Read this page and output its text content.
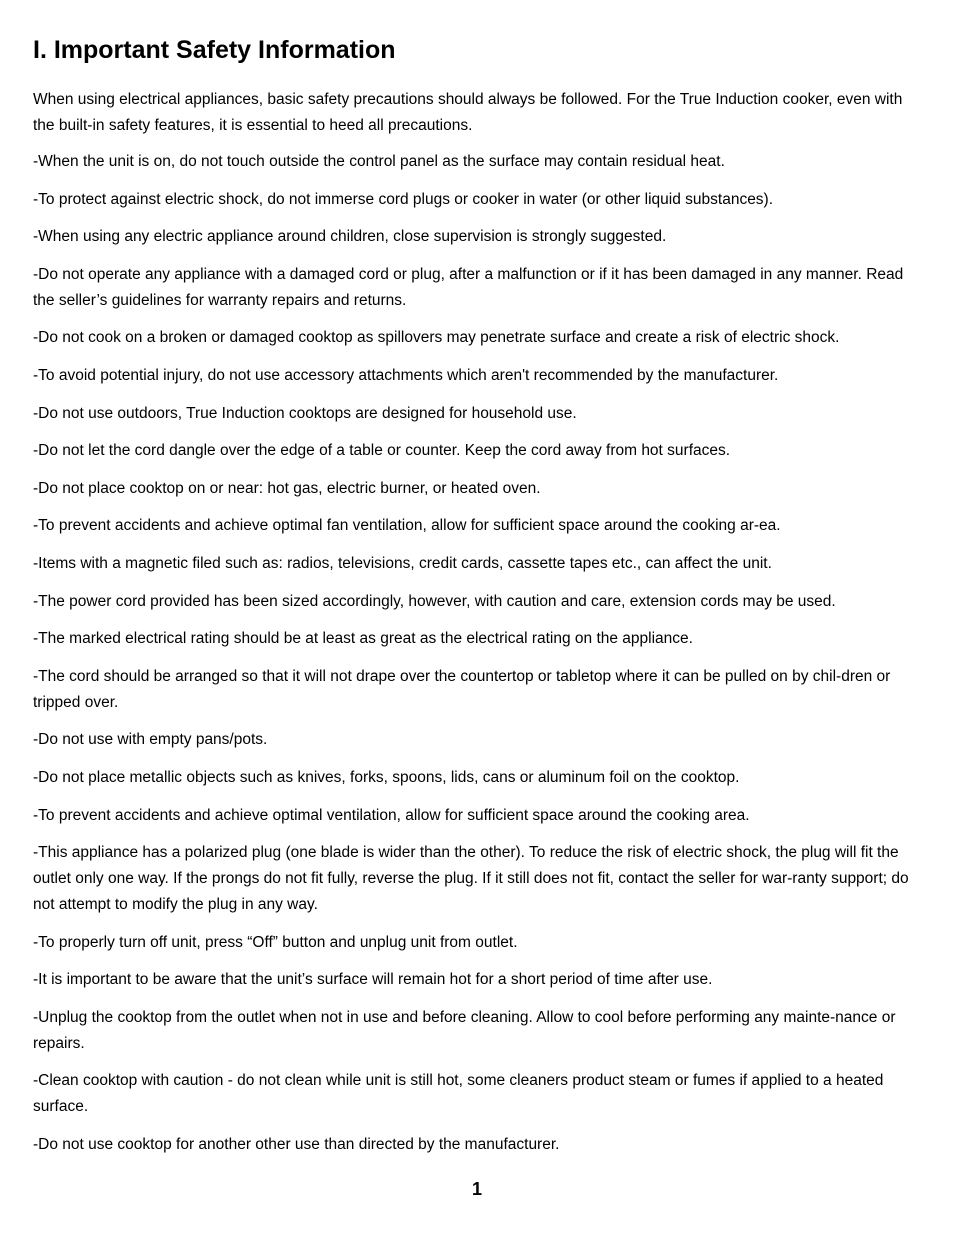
I. Important Safety Information

When using electrical appliances, basic safety precautions should always be followed. For the True Induction cooker, even with the built-in safety features, it is essential to heed all precautions.

-When the unit is on, do not touch outside the control panel as the surface may contain residual heat.

-To protect against electric shock, do not immerse cord plugs or cooker in water (or other liquid substances).

-When using any electric appliance around children, close supervision is strongly suggested.

-Do not operate any appliance with a damaged cord or plug, after a malfunction or if it has been damaged in any manner. Read the seller’s guidelines for warranty repairs and returns.

-Do not cook on a broken or damaged cooktop as spillovers may penetrate surface and create a risk of electric shock.

-To avoid potential injury, do not use accessory attachments which aren't recommended by the manufacturer.

-Do not use outdoors, True Induction cooktops are designed for household use.

-Do not let the cord dangle over the edge of a table or counter. Keep the cord away from hot surfaces.

-Do not place cooktop on or near: hot gas, electric burner, or heated oven.

-To prevent accidents and achieve optimal fan ventilation, allow for sufficient space around the cooking ar-ea.

-Items with a magnetic filed such as: radios, televisions, credit cards, cassette tapes etc., can affect the unit.

-The power cord provided has been sized accordingly, however, with caution and care, extension cords may be used.

-The marked electrical rating should be at least as great as the electrical rating on the appliance.

-The cord should be arranged so that it will not drape over the countertop or tabletop where it can be pulled on by chil-dren or tripped over.

-Do not use with empty pans/pots.

-Do not place metallic objects such as knives, forks, spoons, lids, cans or aluminum foil on the cooktop.

-To prevent accidents and achieve optimal ventilation, allow for sufficient space around the cooking area.

-This appliance has a polarized plug (one blade is wider than the other). To reduce the risk of electric shock, the plug will fit the outlet only one way. If the prongs do not fit fully, reverse the plug. If it still does not fit, contact the seller for war-ranty support; do not attempt to modify the plug in any way.

-To properly turn off unit, press “Off” button and unplug unit from outlet.

-It is important to be aware that the unit’s surface will remain hot for a short period of time after use.

-Unplug the cooktop from the outlet when not in use and before cleaning. Allow to cool before performing any mainte-nance or repairs.

-Clean cooktop with caution - do not clean while unit is still hot, some cleaners product steam or fumes if applied to a heated surface.

-Do not use cooktop for another other use than directed by the manufacturer.

1
